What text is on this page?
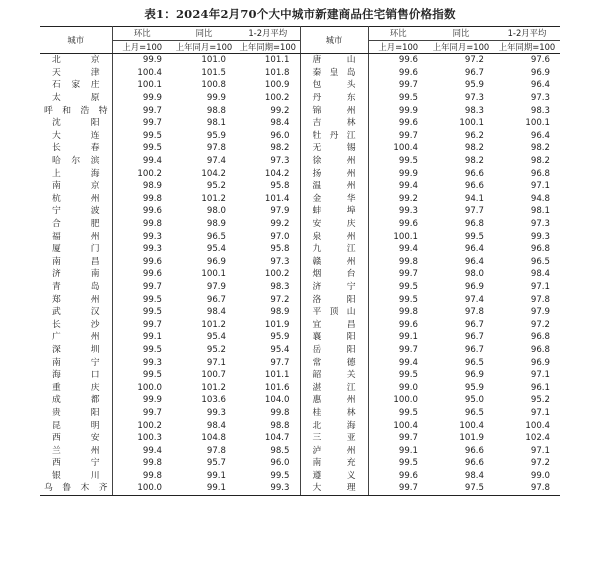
表1：2024年2月70个大中城市新建商品住宅销售价格指数
城市	环比	同比	1-2月平均	城市	环比	同比	1-2月平均
	上月=100	上年同月=100	上年同期=100		上月=100	上年同月=100	上年同期=100
北 京	99.9	101.0	101.1	唐 山	99.6	97.2	97.6
天 津	100.4	101.5	101.8	秦皇岛	99.6	96.7	96.9
石家庄	100.1	100.8	100.9	包 头	99.7	95.9	96.4
太 原	99.9	99.9	100.2	丹 东	99.5	97.3	97.3
呼和浩特	99.7	98.8	99.2	锦 州	99.9	98.3	98.3
沈 阳	99.7	98.1	98.4	吉 林	99.6	100.1	100.1
大 连	99.5	95.9	96.0	牡丹江	99.7	96.2	96.4
长 春	99.5	97.8	98.2	无 锡	100.4	98.2	98.2
哈尔滨	99.4	97.4	97.3	徐 州	99.5	98.2	98.2
上 海	100.2	104.2	104.2	扬 州	99.9	96.6	96.8
南 京	98.9	95.2	95.8	温 州	99.4	96.6	97.1
杭 州	99.8	101.2	101.4	金 华	99.2	94.1	94.8
宁 波	99.6	98.0	97.9	蚌 埠	99.3	97.7	98.1
合 肥	99.8	98.9	99.2	安 庆	99.6	96.8	97.3
福 州	99.3	96.5	97.0	泉 州	100.1	99.5	99.3
厦 门	99.3	95.4	95.8	九 江	99.4	96.4	96.8
南 昌	99.6	96.9	97.3	赣 州	99.8	96.4	96.5
济 南	99.6	100.1	100.2	烟 台	99.7	98.0	98.4
青 岛	99.7	97.9	98.3	济 宁	99.5	96.9	97.1
郑 州	99.5	96.7	97.2	洛 阳	99.5	97.4	97.8
武 汉	99.5	98.4	98.9	平顶山	99.8	97.8	97.9
长 沙	99.7	101.2	101.9	宜 昌	99.6	96.7	97.2
广 州	99.1	95.4	95.9	襄 阳	99.1	96.7	96.8
深 圳	99.5	95.2	95.4	岳 阳	99.7	96.7	96.8
南 宁	99.3	97.1	97.7	常 德	99.4	96.5	96.9
海 口	99.5	100.7	101.1	韶 关	99.5	96.9	97.1
重 庆	100.0	101.2	101.6	湛 江	99.0	95.9	96.1
成 都	99.9	103.6	104.0	惠 州	100.0	95.0	95.2
贵 阳	99.7	99.3	99.8	桂 林	99.5	96.5	97.1
昆 明	100.2	98.4	98.8	北 海	100.4	100.4	100.4
西 安	100.3	104.8	104.7	三 亚	99.7	101.9	102.4
兰 州	99.4	97.8	98.5	泸 州	99.1	96.6	97.1
西 宁	99.8	95.7	96.0	南 充	99.5	96.6	97.2
银 川	99.8	99.1	99.5	遵 义	99.6	98.4	99.0
乌鲁木齐	100.0	99.1	99.3	大 理	99.7	97.5	97.8
